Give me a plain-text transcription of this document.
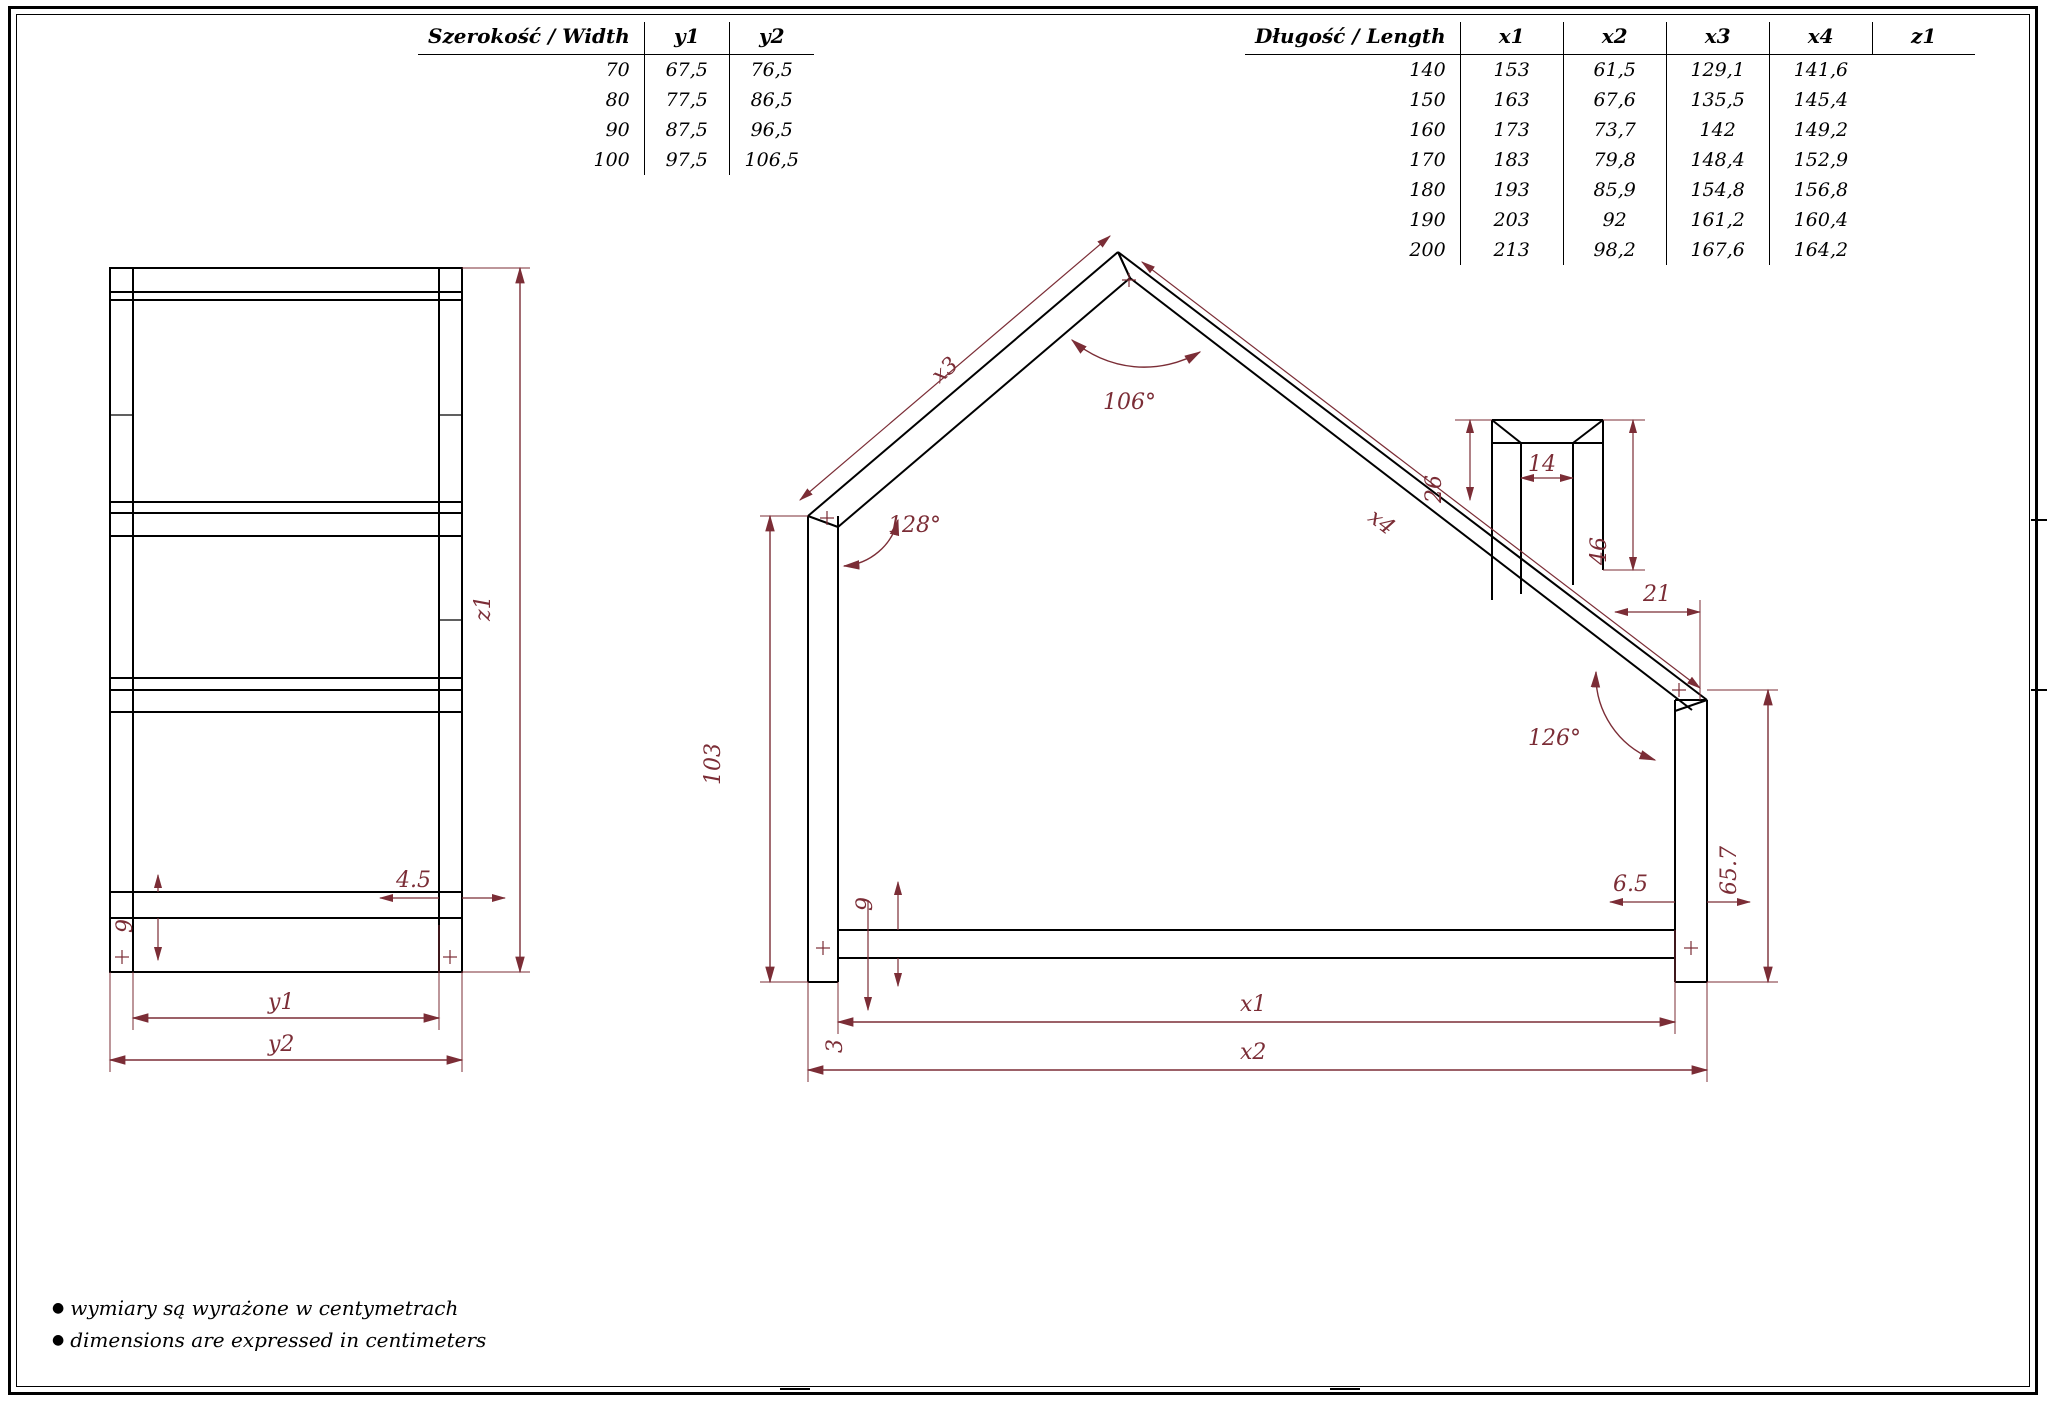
Szerokość / Width	y1	y2
70	67,5	76,5
80	77,5	86,5
90	87,5	96,5
100	97,5	106,5
Długość / Length	x1	x2	x3	x4	z1
140	153	61,5	129,1	141,6	
150	163	67,6	135,5	145,4	
160	173	73,7	142	149,2	
170	183	79,8	148,4	152,9	
180	193	85,9	154,8	156,8	
190	203	92	161,2	160,4	
200	213	98,2	167,6	164,2	
z1
y1
y2
4.5
9
103
x3
x4
106°
128°
126°
26
14
46
21
65.7
6.5
9
3
x1
x2
● wymiary są wyrażone w centymetrach
● dimensions are expressed in centimeters
